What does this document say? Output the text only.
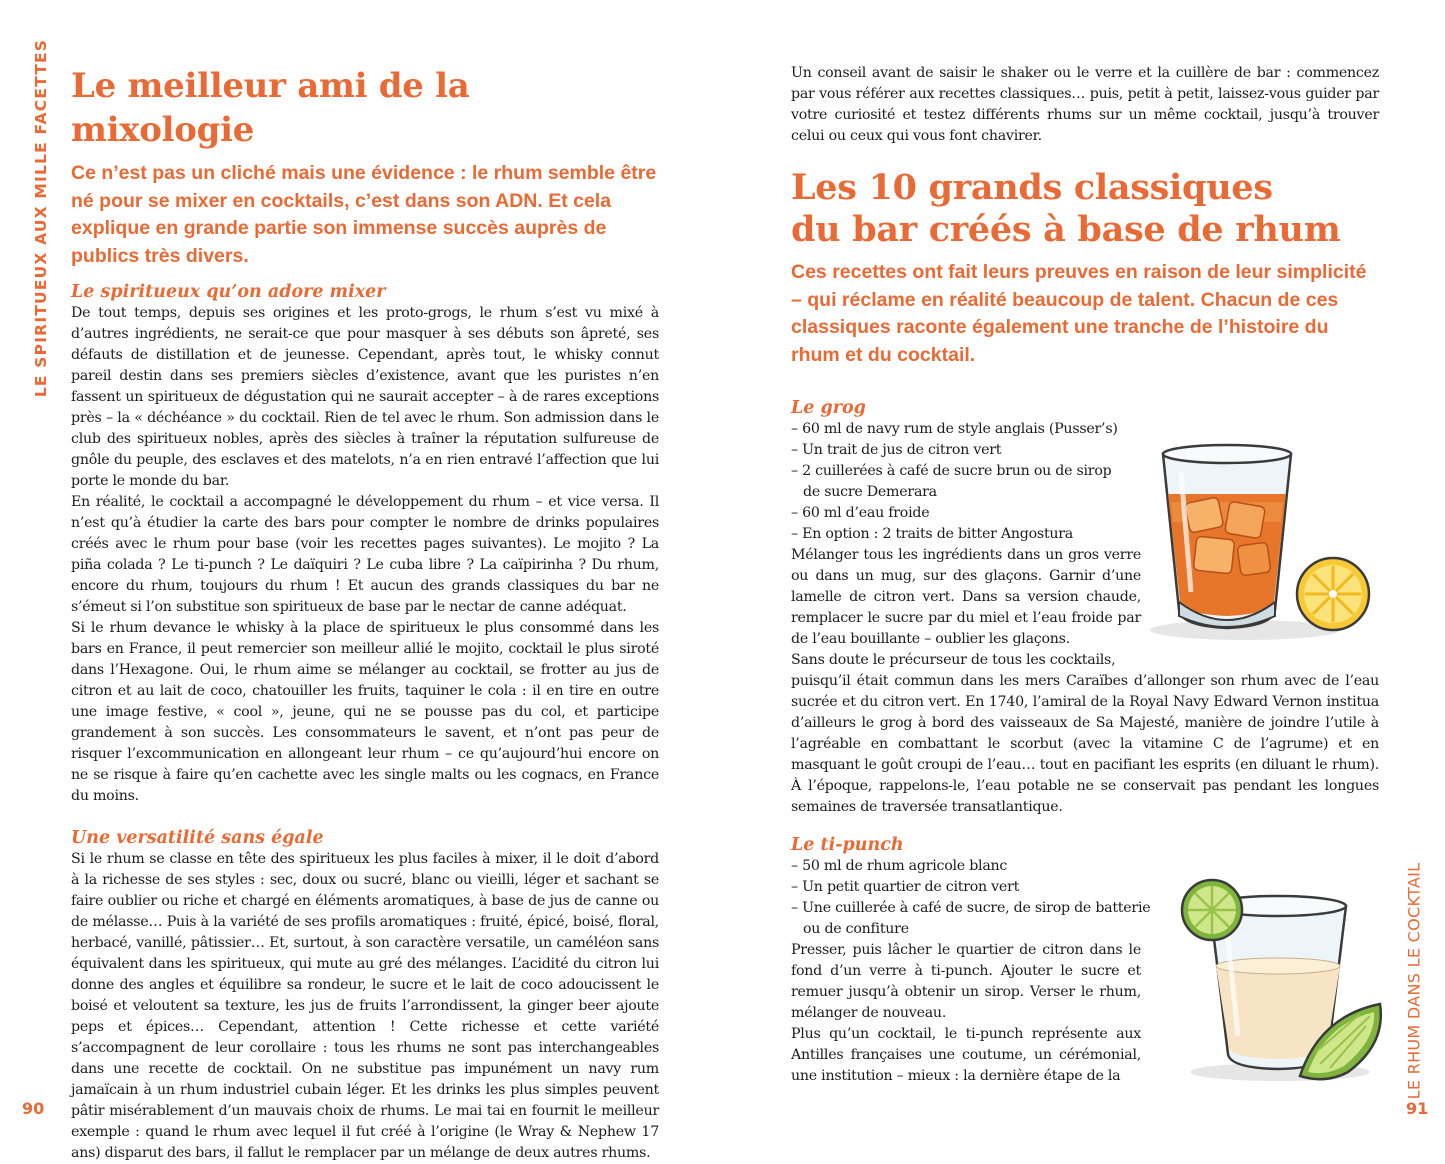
LE SPIRITUEUX AUX MILLE FACETTES
LE RHUM DANS LE COCKTAIL
90	91
Le meilleur ami de la mixologie
Ce n’est pas un cliché mais une évidence : le rhum semble être né pour se mixer en cocktails, c’est dans son ADN. Et cela explique en grande partie son immense succès auprès de publics très divers.
Le spiritueux qu’on adore mixer

De tout temps, depuis ses origines et les proto-grogs, le rhum s’est vu mixé à d’autres ingrédients, ne serait-ce que pour masquer à ses débuts son âpreté, ses défauts de distillation et de jeunesse. Cependant, après tout, le whisky connut pareil destin dans ses premiers siècles d’existence, avant que les puristes n’en fassent un spiritueux de dégustation qui ne saurait accepter – à de rares exceptions près – la « déchéance » du cocktail. Rien de tel avec le rhum. Son admission dans le club des spiritueux nobles, après des siècles à traîner la réputation sulfureuse de gnôle du peuple, des esclaves et des matelots, n’a en rien entravé l’affection que lui porte le monde du bar.

En réalité, le cocktail a accompagné le développement du rhum – et vice versa. Il n’est qu’à étudier la carte des bars pour compter le nombre de drinks populaires créés avec le rhum pour base (voir les recettes pages suivantes). Le mojito ? La piña colada ? Le ti-punch ? Le daïquiri ? Le cuba libre ? La caïpirinha ? Du rhum, encore du rhum, toujours du rhum ! Et aucun des grands classiques du bar ne s’émeut si l’on substitue son spiritueux de base par le nectar de canne adéquat.

Si le rhum devance le whisky à la place de spiritueux le plus consommé dans les bars en France, il peut remercier son meilleur allié le mojito, cocktail le plus siroté dans l’Hexagone. Oui, le rhum aime se mélanger au cocktail, se frotter au jus de citron et au lait de coco, chatouiller les fruits, taquiner le cola : il en tire en outre une image festive, « cool », jeune, qui ne se pousse pas du col, et participe grandement à son succès. Les consommateurs le savent, et n’ont pas peur de risquer l’excommunication en allongeant leur rhum – ce qu’aujourd’hui encore on ne se risque à faire qu’en cachette avec les single malts ou les cognacs, en France du moins.

Une versatilité sans égale

Si le rhum se classe en tête des spiritueux les plus faciles à mixer, il le doit d’abord à la richesse de ses styles : sec, doux ou sucré, blanc ou vieilli, léger et sachant se faire oublier ou riche et chargé en éléments aromatiques, à base de jus de canne ou de mélasse… Puis à la variété de ses profils aromatiques : fruité, épicé, boisé, floral, herbacé, vanillé, pâtissier… Et, surtout, à son caractère versatile, un caméléon sans équivalent dans les spiritueux, qui mute au gré des mélanges. L’acidité du citron lui donne des angles et équilibre sa rondeur, le sucre et le lait de coco adoucissent le boisé et veloutent sa texture, les jus de fruits l’arrondissent, la ginger beer ajoute peps et épices… Cependant, attention ! Cette richesse et cette variété s’accompagnent de leur corollaire : tous les rhums ne sont pas interchangeables dans une recette de cocktail. On ne substitue pas impunément un navy rum jamaïcain à un rhum industriel cubain léger. Et les drinks les plus simples peuvent pâtir misérablement d’un mauvais choix de rhums. Le mai tai en fournit le meilleur exemple : quand le rhum avec lequel il fut créé à l’origine (le Wray & Nephew 17 ans) disparut des bars, il fallut le remplacer par un mélange de deux autres rhums.

Un conseil avant de saisir le shaker ou le verre et la cuillère de bar : commencez par vous référer aux recettes classiques… puis, petit à petit, laissez-vous guider par votre curiosité et testez différents rhums sur un même cocktail, jusqu’à trouver celui ou ceux qui vous font chavirer.

Les 10 grands classiques
du bar créés à base de rhum
Ces recettes ont fait leurs preuves en raison de leur simplicité – qui réclame en réalité beaucoup de talent. Chacun de ces classiques raconte également une tranche de l’histoire du rhum et du cocktail.
Le grog
– 60 ml de navy rum de style anglais (Pusser’s)
– Un trait de jus de citron vert
– 2 cuillerées à café de sucre brun ou de sirop
de sucre Demerara
– 60 ml d’eau froide
– En option : 2 traits de bitter Angostura

Mélanger tous les ingrédients dans un gros verre ou dans un mug, sur des glaçons. Garnir d’une lamelle de citron vert. Dans sa version chaude, remplacer le sucre par du miel et l’eau froide par de l’eau bouillante – oublier les glaçons.

Sans doute le précurseur de tous les cocktails,

puisqu’il était commun dans les mers Caraïbes d’allonger son rhum avec de l’eau sucrée et du citron vert. En 1740, l’amiral de la Royal Navy Edward Vernon institua d’ailleurs le grog à bord des vaisseaux de Sa Majesté, manière de joindre l’utile à l’agréable en combattant le scorbut (avec la vitamine C de l’agrume) et en masquant le goût croupi de l’eau… tout en pacifiant les esprits (en diluant le rhum). À l’époque, rappelons-le, l’eau potable ne se conservait pas pendant les longues semaines de traversée transatlantique.

Le ti-punch
– 50 ml de rhum agricole blanc
– Un petit quartier de citron vert
– Une cuillerée à café de sucre, de sirop de batterie
ou de confiture

Presser, puis lâcher le quartier de citron dans le fond d’un verre à ti-punch. Ajouter le sucre et remuer jusqu’à obtenir un sirop. Verser le rhum, mélanger de nouveau.

Plus qu’un cocktail, le ti-punch représente aux Antilles françaises une coutume, un cérémonial, une institution – mieux : la dernière étape de la
